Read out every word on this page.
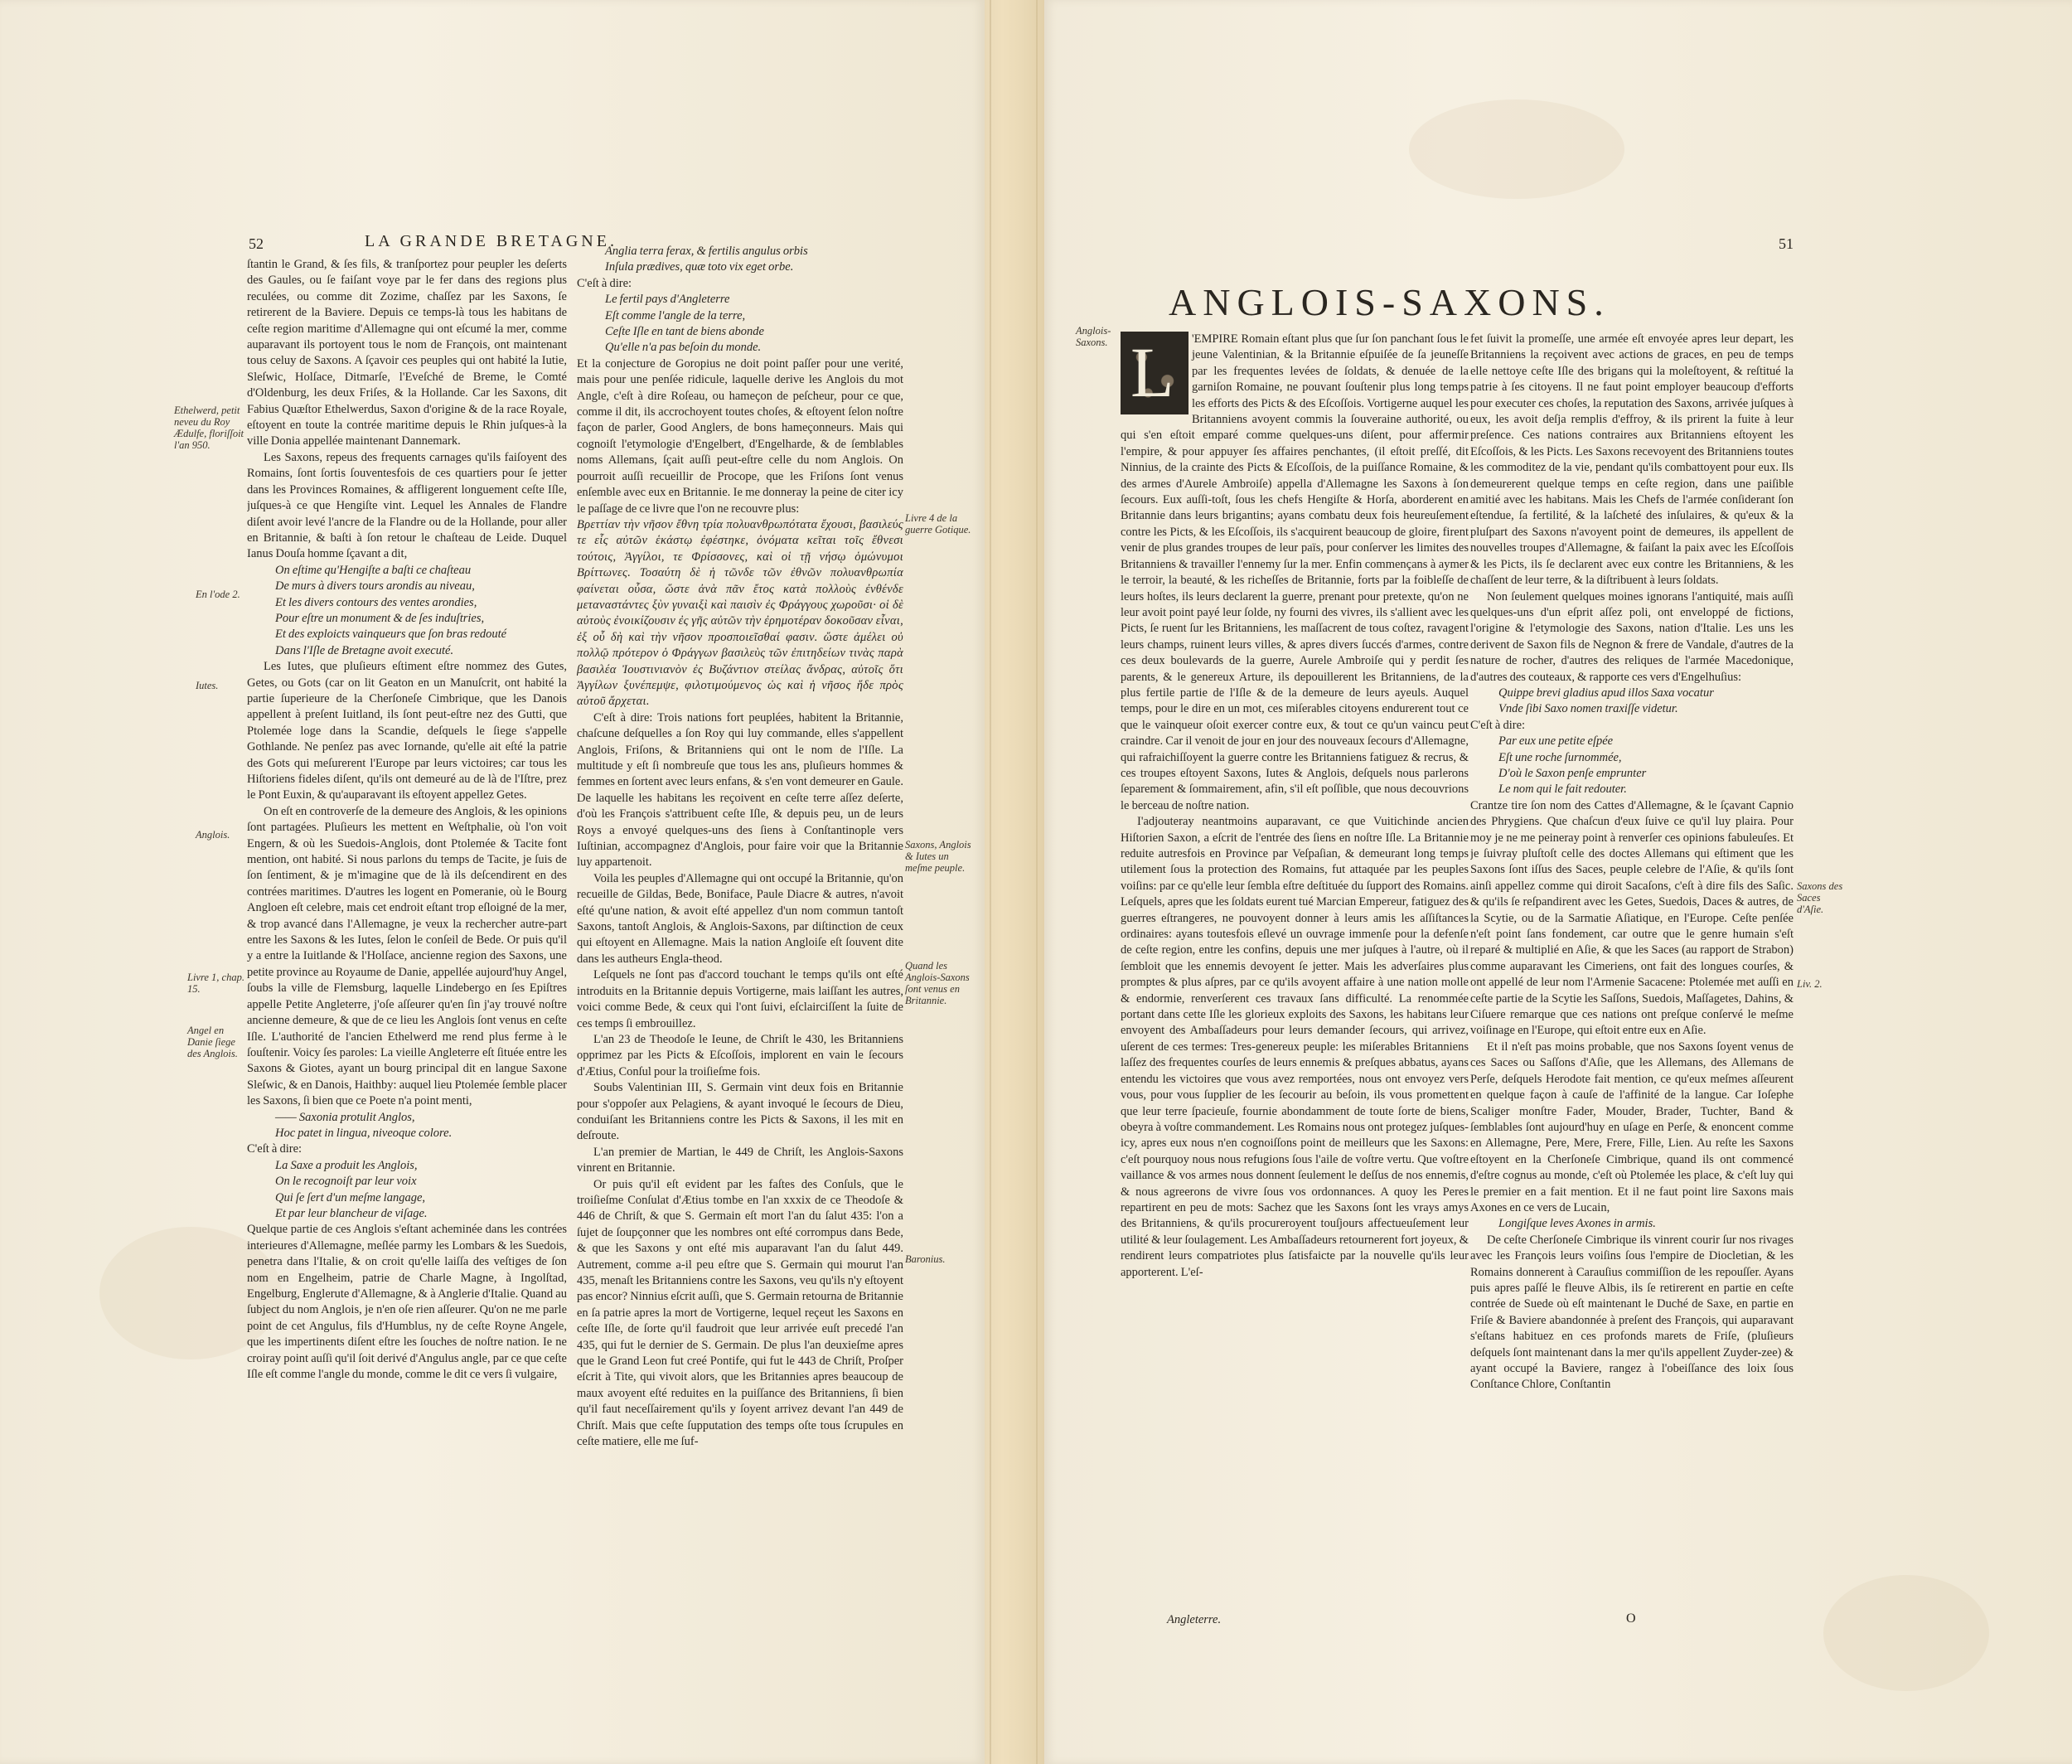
52	LA GRANDE BRETAGNE.

ſtantin le Grand, & ſes fils, & tranſportez pour peupler les deſerts des Gaules, ou ſe faiſant voye par le fer dans des regions plus reculées, ou comme dit Zozime, chaſſez par les Saxons, ſe retirerent de la Baviere. Depuis ce temps-là tous les habitans de ceſte region maritime d'Allemagne qui ont eſcumé la mer, comme auparavant ils portoyent tous le nom de François, ont maintenant tous celuy de Saxons. A ſçavoir ces peuples qui ont habité la Iutie, Sleſwic, Holſace, Ditmarſe, l'Eveſché de Breme, le Comté d'Oldenburg, les deux Friſes, & la Hollande. Car les Saxons, dit Fabius Quæſtor Ethelwerdus, Saxon d'origine & de la race Royale, eſtoyent en toute la contrée maritime depuis le Rhin juſques-à la ville Donia appellée maintenant Dannemark.

Les Saxons, repeus des frequents carnages qu'ils faiſoyent des Romains, ſont ſortis ſouventesfois de ces quartiers pour ſe jetter dans les Provinces Romaines, & affligerent longuement ceſte Iſle, juſques-à ce que Hengiſte vint. Lequel les Annales de Flandre diſent avoir levé l'ancre de la Flandre ou de la Hollande, pour aller en Britannie, & baſti à ſon retour le chaſteau de Leide. Duquel Ianus Douſa homme ſçavant a dit,

On eſtime qu'Hengiſte a baſti ce chaſteau

De murs à divers tours arondis au niveau,

Et les divers contours des ventes arondies,

Pour eſtre un monument & de ſes induſtries,

Et des exploicts vainqueurs que ſon bras redouté

Dans l'Iſle de Bretagne avoit executé.

Les Iutes, que pluſieurs eſtiment eſtre nommez des Gutes, Getes, ou Gots (car on lit Geaton en un Manuſcrit, ont habité la partie ſuperieure de la Cherſoneſe Cimbrique, que les Danois appellent à preſent Iuitland, ils ſont peut-eſtre nez des Gutti, que Ptolemée loge dans la Scandie, deſquels le ſiege s'appelle Gothlande. Ne penſez pas avec Iornande, qu'elle ait eſté la patrie des Gots qui meſurerent l'Europe par leurs victoires; car tous les Hiſtoriens fideles diſent, qu'ils ont demeuré au de là de l'Iſtre, prez le Pont Euxin, & qu'auparavant ils eſtoyent appellez Getes.

On eſt en controverſe de la demeure des Anglois, & les opinions ſont partagées. Pluſieurs les mettent en Weſtphalie, où l'on voit Engern, & où les Suedois-Anglois, dont Ptolemée & Tacite font mention, ont habité. Si nous parlons du temps de Tacite, je ſuis de ſon ſentiment, & je m'imagine que de là ils deſcendirent en des contrées maritimes. D'autres les logent en Pomeranie, où le Bourg Angloen eſt celebre, mais cet endroit eſtant trop eſloigné de la mer, & trop avancé dans l'Allemagne, je veux la rechercher autre-part entre les Saxons & les Iutes, ſelon le conſeil de Bede. Or puis qu'il y a entre la Iuitlande & l'Holſace, ancienne region des Saxons, une petite province au Royaume de Danie, appellée aujourd'huy Angel, ſoubs la ville de Flemsburg, laquelle Lindebergo en ſes Epiſtres appelle Petite Angleterre, j'oſe aſſeurer qu'en ſin j'ay trouvé noſtre ancienne demeure, & que de ce lieu les Anglois ſont venus en ceſte Iſle. L'authorité de l'ancien Ethelwerd me rend plus ferme à le ſouſtenir. Voicy ſes paroles: La vieille Angleterre eſt ſituée entre les Saxons & Giotes, ayant un bourg principal dit en langue Saxone Sleſwic, & en Danois, Haithby: auquel lieu Ptolemée ſemble placer les Saxons, ſi bien que ce Poete n'a point menti,

—— Saxonia protulit Anglos,

Hoc patet in lingua, niveoque colore.

C'eſt à dire:

La Saxe a produit les Anglois,

On le recognoiſt par leur voix

Qui ſe ſert d'un meſme langage,

Et par leur blancheur de viſage.

Quelque partie de ces Anglois s'eſtant acheminée dans les contrées interieures d'Allemagne, meſlée parmy les Lombars & les Suedois, penetra dans l'Italie, & on croit qu'elle laiſſa des veſtiges de ſon nom en Engelheim, patrie de Charle Magne, à Ingolſtad, Engelburg, Englerute d'Allemagne, & à Anglerie d'Italie. Quand au ſubject du nom Anglois, je n'en oſe rien aſſeurer. Qu'on ne me parle point de cet Angulus, fils d'Humblus, ny de ceſte Royne Angele, que les impertinents diſent eſtre les ſouches de noſtre nation. Ie ne croiray point auſſi qu'il ſoit derivé d'Angulus angle, par ce que ceſte Iſle eſt comme l'angle du monde, comme le dit ce vers ſi vulgaire,

Anglia terra ferax, & fertilis angulus orbis

Inſula prædives, quæ toto vix eget orbe.

C'eſt à dire:

Le fertil pays d'Angleterre

Eſt comme l'angle de la terre,

Ceſte Iſle en tant de biens abonde

Qu'elle n'a pas beſoin du monde.

Et la conjecture de Goropius ne doit point paſſer pour une verité, mais pour une penſée ridicule, laquelle derive les Anglois du mot Angle, c'eſt à dire Roſeau, ou hameçon de peſcheur, pour ce que, comme il dit, ils accrochoyent toutes choſes, & eſtoyent ſelon noſtre façon de parler, Good Anglers, de bons hameçonneurs. Mais qui cognoiſt l'etymologie d'Engelbert, d'Engelharde, & de ſemblables noms Allemans, ſçait auſſi peut-eſtre celle du nom Anglois. On pourroit auſſi recueillir de Procope, que les Friſons ſont venus enſemble avec eux en Britannie. Ie me donneray la peine de citer icy le paſſage de ce livre que l'on ne recouvre plus:

Βρεττίαν τὴν νῆσον ἔθνη τρία πολυανθρωπότατα ἔχουσι, βασιλεύς τε εἷς αὐτῶν ἑκάστῳ ἐφέστηκε, ὀνόματα κεῖται τοῖς ἔθνεσι τούτοις, Ἀγγίλοι, τε Φρίσσονες, καὶ οἱ τῇ νήσῳ ὁμώνυμοι Βρίττωνες. Τοσαύτη δὲ ἡ τῶνδε τῶν ἐθνῶν πολυανθρωπία φαίνεται οὖσα, ὥστε ἀνὰ πᾶν ἔτος κατὰ πολλοὺς ἐνθένδε μεταναστάντες ξὺν γυναιξὶ καὶ παισὶν ἐς Φράγγους χωροῦσι· οἱ δὲ αὐτοὺς ἐνοικίζουσιν ἐς γῆς αὐτῶν τὴν ἐρημοτέραν δοκοῦσαν εἶναι, ἐξ οὗ δὴ καὶ τὴν νῆσον προσποιεῖσθαί φασιν. ὥστε ἀμέλει οὐ πολλῷ πρότερον ὁ Φράγγων βασιλεὺς τῶν ἐπιτηδείων τινὰς παρὰ βασιλέα Ἰουστινιανὸν ἐς Βυζάντιον στείλας ἄνδρας, αὐτοῖς ὅτι Ἀγγίλων ξυνέπεμψε, φιλοτιμούμενος ὡς καὶ ἡ νῆσος ἥδε πρὸς αὐτοῦ ἄρχεται.

C'eſt à dire: Trois nations fort peuplées, habitent la Britannie, chaſcune deſquelles a ſon Roy qui luy commande, elles s'appellent Anglois, Friſons, & Britanniens qui ont le nom de l'Iſle. La multitude y eſt ſi nombreuſe que tous les ans, pluſieurs hommes & femmes en ſortent avec leurs enfans, & s'en vont demeurer en Gaule. De laquelle les habitans les reçoivent en ceſte terre aſſez deſerte, d'où les François s'attribuent ceſte Iſle, & depuis peu, un de leurs Roys a envoyé quelques-uns des ſiens à Conſtantinople vers Iuſtinian, accompagnez d'Anglois, pour faire voir que la Britannie luy appartenoit.

Voila les peuples d'Allemagne qui ont occupé la Britannie, qu'on recueille de Gildas, Bede, Boniface, Paule Diacre & autres, n'avoit eſté qu'une nation, & avoit eſté appellez d'un nom commun tantoſt Saxons, tantoſt Anglois, & Anglois-Saxons, par diſtinction de ceux qui eſtoyent en Allemagne. Mais la nation Angloiſe eſt ſouvent dite dans les autheurs Engla-theod.

Leſquels ne ſont pas d'accord touchant le temps qu'ils ont eſté introduits en la Britannie depuis Vortigerne, mais laiſſant les autres, voici comme Bede, & ceux qui l'ont ſuivi, eſclairciſſent la ſuite de ces temps ſi embrouillez.

L'an 23 de Theodoſe le Ieune, de Chriſt le 430, les Britanniens opprimez par les Picts & Eſcoſſois, implorent en vain le ſecours d'Ætius, Conſul pour la troiſieſme fois.

Soubs Valentinian III, S. Germain vint deux fois en Britannie pour s'oppoſer aux Pelagiens, & ayant invoqué le ſecours de Dieu, conduiſant les Britanniens contre les Picts & Saxons, il les mit en deſroute.

L'an premier de Martian, le 449 de Chriſt, les Anglois-Saxons vinrent en Britannie.

Or puis qu'il eſt evident par les faſtes des Conſuls, que le troiſieſme Conſulat d'Ætius tombe en l'an xxxix de ce Theodoſe & 446 de Chriſt, & que S. Germain eſt mort l'an du ſalut 435: l'on a ſujet de ſoupçonner que les nombres ont eſté corrompus dans Bede, & que les Saxons y ont eſté mis auparavant l'an du ſalut 449. Autrement, comme a-il peu eſtre que S. Germain qui mourut l'an 435, menaſt les Britanniens contre les Saxons, veu qu'ils n'y eſtoyent pas encor? Ninnius eſcrit auſſi, que S. Germain retourna de Britannie en ſa patrie apres la mort de Vortigerne, lequel reçeut les Saxons en ceſte Iſle, de ſorte qu'il faudroit que leur arrivée euſt precedé l'an 435, qui fut le dernier de S. Germain. De plus l'an deuxieſme apres que le Grand Leon fut creé Pontife, qui fut le 443 de Chriſt, Proſper eſcrit à Tite, qui vivoit alors, que les Britannies apres beaucoup de maux avoyent eſté reduites en la puiſſance des Britanniens, ſi bien qu'il faut neceſſairement qu'ils y ſoyent arrivez devant l'an 449 de Chriſt. Mais que ceſte ſupputation des temps oſte tous ſcrupules en ceſte matiere, elle me ſuf-

Ethelwerd, petit neveu du Roy Ædulfe, floriſſoit l'an 950.
En l'ode 2.
Iutes.
Anglois.
Livre 1, chap. 15.
Angel en Danie ſiege des Anglois.
Livre 4 de la guerre Gotique.
Saxons, Anglois & Iutes un meſme peuple.
Quand les Anglois-Saxons ſont venus en Britannie.
Baronius.
51
ANGLOIS-SAXONS.
L	'EMPIRE Romain eſtant plus que ſur ſon panchant ſous le jeune Valentinian, & la Britannie eſpuiſée de ſa jeuneſſe par les frequentes levées de ſoldats, & denuée de la garniſon Romaine, ne pouvant ſouſtenir plus long temps les efforts des Picts & des Eſcoſſois. Vortigerne auquel les Britanniens avoyent commis la ſouveraine authorité, ou qui s'en eſtoit emparé comme quelques-uns diſent, pour affermir l'empire, & pour appuyer ſes affaires penchantes, (il eſtoit preſſé, dit Ninnius, de la crainte des Picts & Eſcoſſois, de la puiſſance Romaine, & des armes d'Aurele Ambroiſe) appella d'Allemagne les Saxons à ſon ſecours. Eux auſſi-toſt, ſous les chefs Hengiſte & Horſa, aborderent en Britannie dans leurs brigantins; ayans combatu deux fois heureuſement contre les Picts, & les Eſcoſſois, ils s'acquirent beaucoup de gloire, firent venir de plus grandes troupes de leur païs, pour conſerver les limites des Britanniens & travailler l'ennemy ſur la mer. Enfin commençans à aymer le terroir, la beauté, & les richeſſes de Britannie, forts par la foibleſſe de leurs hoſtes, ils leurs declarent la guerre, prenant pour pretexte, qu'on ne leur avoit point payé leur ſolde, ny fourni des vivres, ils s'allient avec les Picts, ſe ruent ſur les Britanniens, les maſſacrent de tous coſtez, ravagent leurs champs, ruinent leurs villes, & apres divers ſuccés d'armes, contre ces deux boulevards de la guerre, Aurele Ambroiſe qui y perdit ſes parents, & le genereux Arture, ils depouillerent les Britanniens, de la plus fertile partie de l'Iſle & de la demeure de leurs ayeuls. Auquel temps, pour le dire en un mot, ces miſerables citoyens endurerent tout ce que le vainqueur oſoit exercer contre eux, & tout ce qu'un vaincu peut craindre. Car il venoit de jour en jour des nouveaux ſecours d'Allemagne, qui rafraichiſſoyent la guerre contre les Britanniens fatiguez & recrus, & ces troupes eſtoyent Saxons, Iutes & Anglois, deſquels nous parlerons ſeparement & ſommairement, afin, s'il eſt poſſible, que nous decouvrions le berceau de noſtre nation.

I'adjouteray neantmoins auparavant, ce que Vuitichinde ancien Hiſtorien Saxon, a eſcrit de l'entrée des ſiens en noſtre Iſle. La Britannie reduite autresfois en Province par Veſpaſian, & demeurant long temps utilement ſous la protection des Romains, fut attaquée par les peuples voiſins: par ce qu'elle leur ſembla eſtre deſtituée du ſupport des Romains. Leſquels, apres que les ſoldats eurent tué Marcian Empereur, fatiguez des guerres eſtrangeres, ne pouvoyent donner à leurs amis les aſſiſtances ordinaires: ayans toutesfois eſlevé un ouvrage immenſe pour la defenſe de ceſte region, entre les confins, depuis une mer juſques à l'autre, où il ſembloit que les ennemis devoyent ſe jetter. Mais les adverſaires plus promptes & plus aſpres, par ce qu'ils avoyent affaire à une nation molle & endormie, renverſerent ces travaux ſans difficulté. La renommée portant dans cette Iſle les glorieux exploits des Saxons, les habitans leur envoyent des Ambaſſadeurs pour leurs demander ſecours, qui arrivez, uſerent de ces termes: Tres-genereux peuple: les miſerables Britanniens laſſez des frequentes courſes de leurs ennemis & preſques abbatus, ayans entendu les victoires que vous avez remportées, nous ont envoyez vers vous, pour vous ſupplier de les ſecourir au beſoin, ils vous promettent que leur terre ſpacieuſe, fournie abondamment de toute ſorte de biens, obeyra à voſtre commandement. Les Romains nous ont protegez juſques-icy, apres eux nous n'en cognoiſſons point de meilleurs que les Saxons: c'eſt pourquoy nous nous refugions ſous l'aile de voſtre vertu. Que voſtre vaillance & vos armes nous donnent ſeulement le deſſus de nos ennemis, & nous agreerons de vivre ſous vos ordonnances. A quoy les Peres repartirent en peu de mots: Sachez que les Saxons ſont les vrays amys des Britanniens, & qu'ils procureroyent touſjours affectueuſement leur utilité & leur ſoulagement. Les Ambaſſadeurs retournerent fort joyeux, & rendirent leurs compatriotes plus ſatisfaicte par la nouvelle qu'ils leur apporterent. L'eſ-

fet ſuivit la promeſſe, une armée eſt envoyée apres leur depart, les Britanniens la reçoivent avec actions de graces, en peu de temps elle nettoye ceſte Iſle des brigans qui la moleſtoyent, & reſtitué la patrie à ſes citoyens. Il ne faut point employer beaucoup d'efforts pour executer ces choſes, la reputation des Saxons, arrivée juſques à eux, les avoit deſja remplis d'effroy, & ils prirent la fuite à leur preſence. Ces nations contraires aux Britanniens eſtoyent les Eſcoſſois, & les Picts. Les Saxons recevoyent des Britanniens toutes les commoditez de la vie, pendant qu'ils combattoyent pour eux. Ils demeurerent quelque temps en ceſte region, dans une paiſible amitié avec les habitans. Mais les Chefs de l'armée conſiderant ſon eſtendue, ſa fertilité, & la laſcheté des inſulaires, & qu'eux & la pluſpart des Saxons n'avoyent point de demeures, ils appellent de nouvelles troupes d'Allemagne, & faiſant la paix avec les Eſcoſſois & les Picts, ils ſe declarent avec eux contre les Britanniens, & les chaſſent de leur terre, & la diſtribuent à leurs ſoldats.

Non ſeulement quelques moines ignorans l'antiquité, mais auſſi quelques-uns d'un eſprit aſſez poli, ont enveloppé de fictions, l'origine & l'etymologie des Saxons, nation d'Italie. Les uns les derivent de Saxon fils de Negnon & frere de Vandale, d'autres de la nature de rocher, d'autres des reliques de l'armée Macedonique, d'autres des couteaux, & rapporte ces vers d'Engelhuſius:

Quippe brevi gladius apud illos Saxa vocatur

Vnde ſibi Saxo nomen traxiſſe videtur.

C'eſt à dire:

Par eux une petite eſpée

Eſt une roche ſurnommée,

D'où le Saxon penſe emprunter

Le nom qui le fait redouter.

Crantze tire ſon nom des Cattes d'Allemagne, & le ſçavant Capnio des Phrygiens. Que chaſcun d'eux ſuive ce qu'il luy plaira. Pour moy je ne me peineray point à renverſer ces opinions fabuleuſes. Et je ſuivray pluſtoſt celle des doctes Allemans qui eſtiment que les Saxons ſont iſſus des Saces, peuple celebre de l'Aſie, & qu'ils ſont ainſi appellez comme qui diroit Sacaſons, c'eſt à dire fils des Saſic. & qu'ils ſe reſpandirent avec les Getes, Suedois, Daces & autres, de la Scytie, ou de la Sarmatie Aſiatique, en l'Europe. Ceſte penſée n'eſt point ſans fondement, car outre que le genre humain s'eſt reparé & multiplié en Aſie, & que les Saces (au rapport de Strabon) comme auparavant les Cimeriens, ont fait des longues courſes, & ont appellé de leur nom l'Armenie Sacacene: Ptolemée met auſſi en ceſte partie de la Scytie les Saſſons, Suedois, Maſſagetes, Dahins, & Ciſuere remarque que ces nations ont preſque conſervé le meſme voiſinage en l'Europe, qui eſtoit entre eux en Aſie.

Et il n'eſt pas moins probable, que nos Saxons ſoyent venus de ces Saces ou Saſſons d'Aſie, que les Allemans, des Allemans de Perſe, deſquels Herodote fait mention, ce qu'eux meſmes aſſeurent en quelque façon à cauſe de l'affinité de la langue. Car Ioſephe Scaliger monſtre Fader, Mouder, Brader, Tuchter, Band & ſemblables ſont aujourd'huy en uſage en Perſe, & enoncent comme en Allemagne, Pere, Mere, Frere, Fille, Lien. Au reſte les Saxons eſtoyent en la Cherſoneſe Cimbrique, quand ils ont commencé d'eſtre cognus au monde, c'eſt où Ptolemée les place, & c'eſt luy qui le premier en a fait mention. Et il ne faut point lire Saxons mais Axones en ce vers de Lucain,

Longiſque leves Axones in armis.

De ceſte Cherſoneſe Cimbrique ils vinrent courir ſur nos rivages avec les François leurs voiſins ſous l'empire de Diocletian, & les Romains donnerent à Carauſius commiſſion de les repouſſer. Ayans puis apres paſſé le fleuve Albis, ils ſe retirerent en partie en ceſte contrée de Suede où eſt maintenant le Duché de Saxe, en partie en Friſe & Baviere abandonnée à preſent des François, qui auparavant s'eſtans habituez en ces profonds marets de Friſe, (pluſieurs deſquels ſont maintenant dans la mer qu'ils appellent Zuyder-zee) & ayant occupé la Baviere, rangez à l'obeiſſance des loix ſous Conſtance Chlore, Conſtantin

Anglois-Saxons.
Saxons des Saces d'Aſie.
Liv. 2.
Angleterre.	O
